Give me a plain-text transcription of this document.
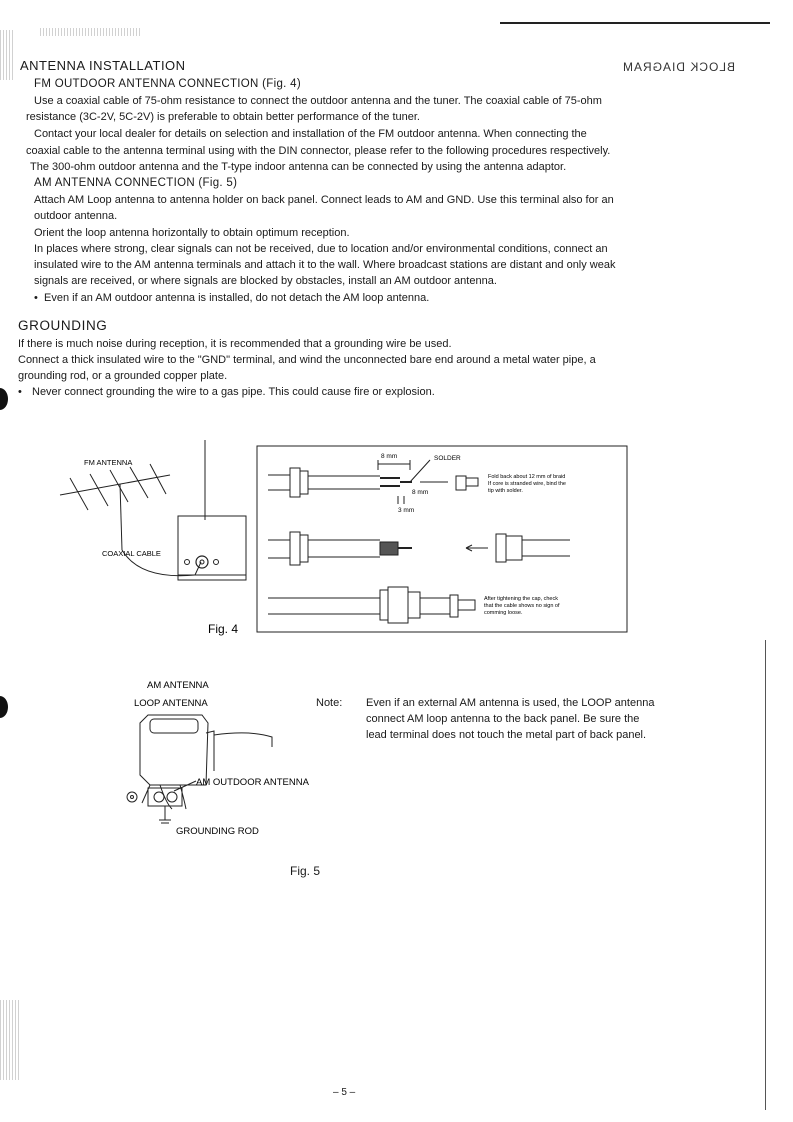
ANTENNA INSTALLATION	BLOCK DIAGRAM
FM OUTDOOR ANTENNA CONNECTION (Fig. 4)
Use a coaxial cable of 75-ohm resistance to connect the outdoor antenna and the tuner. The coaxial cable of 75-ohm
resistance (3C-2V, 5C-2V) is preferable to obtain better performance of the tuner.
Contact your local dealer for details on selection and installation of the FM outdoor antenna. When connecting the
coaxial cable to the antenna terminal using with the DIN connector, please refer to the following procedures respectively.
The 300-ohm outdoor antenna and the T-type indoor antenna can be connected by using the antenna adaptor.
AM ANTENNA CONNECTION (Fig. 5)
Attach AM Loop antenna to antenna holder on back panel. Connect leads to AM and GND. Use this terminal also for an
outdoor antenna.
Orient the loop antenna horizontally to obtain optimum reception.
In places where strong, clear signals can not be received, due to location and/or environmental conditions, connect an
insulated wire to the AM antenna terminals and attach it to the wall. Where broadcast stations are distant and only weak
signals are received, or where signals are blocked by obstacles, install an AM outdoor antenna.
• Even if an AM outdoor antenna is installed, do not detach the AM loop antenna.
GROUNDING
If there is much noise during reception, it is recommended that a grounding wire be used.
Connect a thick insulated wire to the "GND" terminal, and wind the unconnected bare end around a metal water pipe, a
grounding rod, or a grounded copper plate.
• Never connect grounding the wire to a gas pipe. This could cause fire or explosion.
FM ANTENNA
COAXIAL CABLE
Fig. 4
8 mm	SOLDER
8 mm
3 mm
Fold back about 12 mm of braid
If core is stranded wire, bind the
tip with solder.
After tightening the cap, check
that the cable shows no sign of
comming loose.
AM ANTENNA
LOOP ANTENNA
AM OUTDOOR ANTENNA
GROUNDING ROD
Note: Even if an external AM antenna is used, the LOOP antenna
connect AM loop antenna to the back panel. Be sure the
lead terminal does not touch the metal part of back panel.
Fig. 5
– 5 –
